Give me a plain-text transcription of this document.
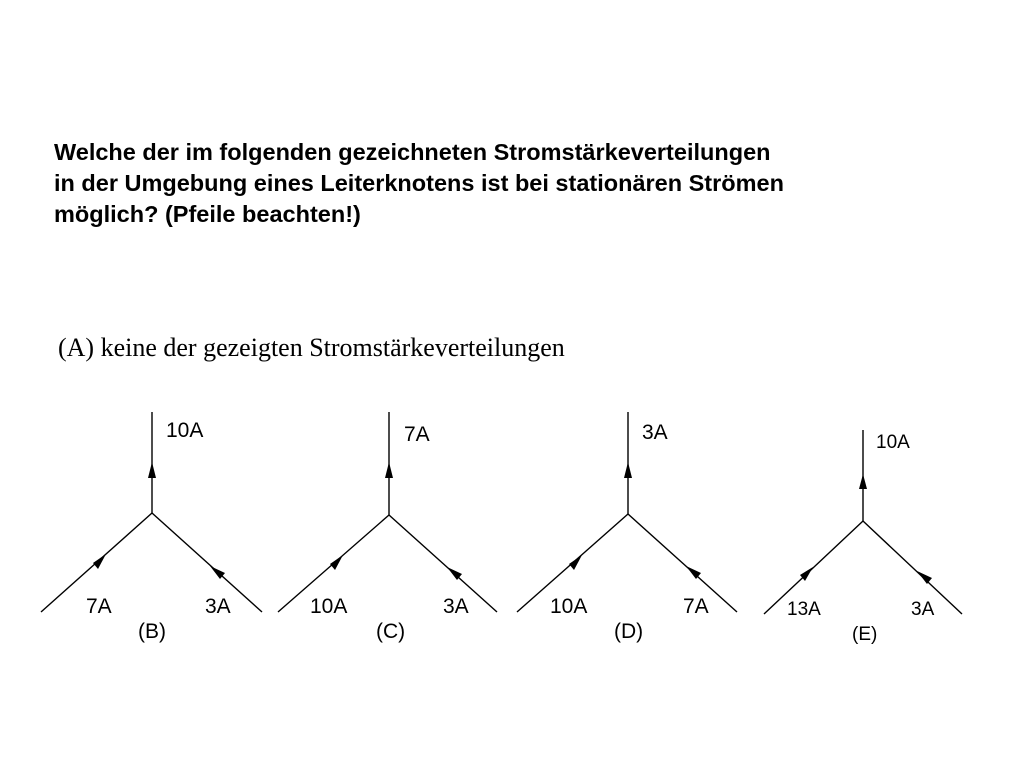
Welche der im folgenden gezeichneten Stromstärkeverteilungen
in der Umgebung eines Leiterknotens ist bei stationären Strömen
möglich? (Pfeile beachten!)
(A) keine der gezeigten Stromstärkeverteilungen
10A
7A	3A
(B)
7A
10A	3A
(C)
3A
10A	7A
(D)
10A
13A	3A
(E)
